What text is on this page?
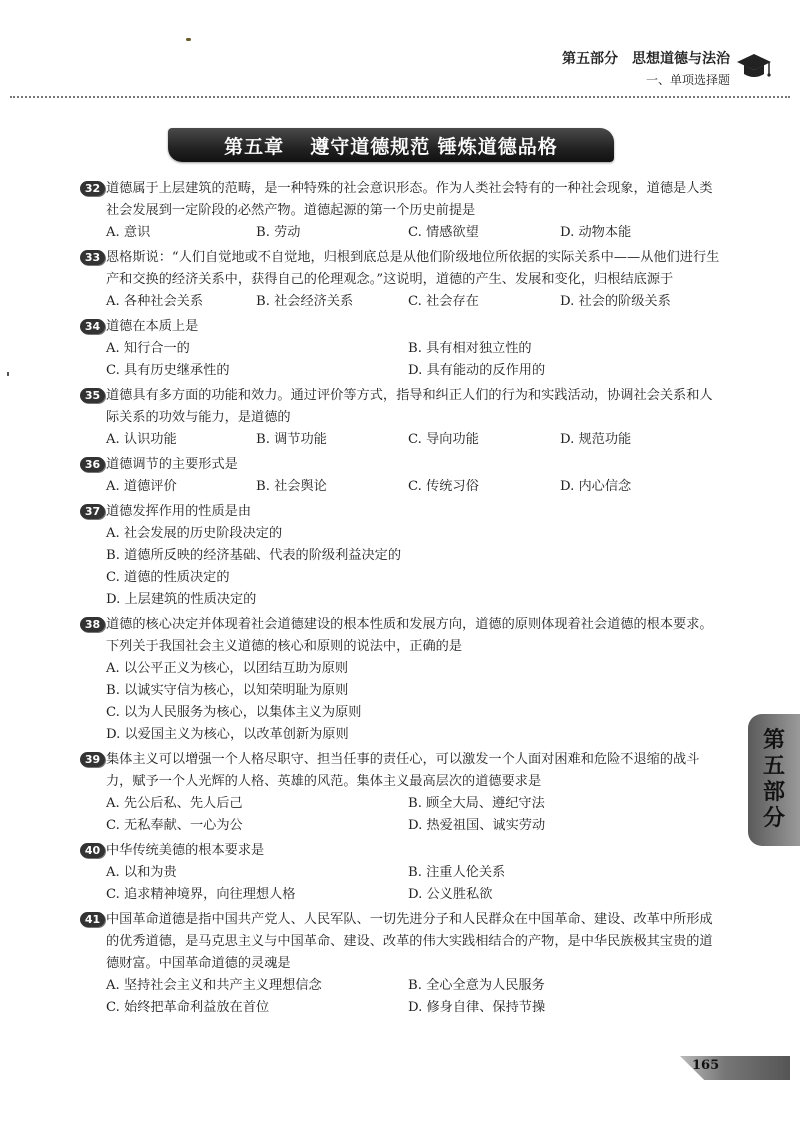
第五部分　思想道德与法治
一、单项选择题
第五章 遵守道德规范 锤炼道德品格
32 道德属于上层建筑的范畴，是一种特殊的社会意识形态。作为人类社会特有的一种社会现象，道德是人类社会发展到一定阶段的必然产物。道德起源的第一个历史前提是
A. 意识	B. 劳动	C. 情感欲望	D. 动物本能
33 恩格斯说：“人们自觉地或不自觉地，归根到底总是从他们阶级地位所依据的实际关系中——从他们进行生产和交换的经济关系中，获得自己的伦理观念。”这说明，道德的产生、发展和变化，归根结底源于
A. 各种社会关系	B. 社会经济关系	C. 社会存在	D. 社会的阶级关系
34 道德在本质上是
A. 知行合一的	B. 具有相对独立性的
C. 具有历史继承性的	D. 具有能动的反作用的
35 道德具有多方面的功能和效力。通过评价等方式，指导和纠正人们的行为和实践活动，协调社会关系和人际关系的功效与能力，是道德的
A. 认识功能	B. 调节功能	C. 导向功能	D. 规范功能
36 道德调节的主要形式是
A. 道德评价	B. 社会舆论	C. 传统习俗	D. 内心信念
37 道德发挥作用的性质是由
A. 社会发展的历史阶段决定的
B. 道德所反映的经济基础、代表的阶级利益决定的
C. 道德的性质决定的
D. 上层建筑的性质决定的
38 道德的核心决定并体现着社会道德建设的根本性质和发展方向，道德的原则体现着社会道德的根本要求。下列关于我国社会主义道德的核心和原则的说法中，正确的是
A. 以公平正义为核心，以团结互助为原则
B. 以诚实守信为核心，以知荣明耻为原则
C. 以为人民服务为核心，以集体主义为原则
D. 以爱国主义为核心，以改革创新为原则
39 集体主义可以增强一个人格尽职守、担当任事的责任心，可以激发一个人面对困难和危险不退缩的战斗力，赋予一个人光辉的人格、英雄的风范。集体主义最高层次的道德要求是
A. 先公后私、先人后己	B. 顾全大局、遵纪守法
C. 无私奉献、一心为公	D. 热爱祖国、诚实劳动
40 中华传统美德的根本要求是
A. 以和为贵	B. 注重人伦关系
C. 追求精神境界，向往理想人格	D. 公义胜私欲
41 中国革命道德是指中国共产党人、人民军队、一切先进分子和人民群众在中国革命、建设、改革中所形成的优秀道德，是马克思主义与中国革命、建设、改革的伟大实践相结合的产物，是中华民族极其宝贵的道德财富。中国革命道德的灵魂是
A. 坚持社会主义和共产主义理想信念	B. 全心全意为人民服务
C. 始终把革命利益放在首位	D. 修身自律、保持节操
第
五
部
分
165
